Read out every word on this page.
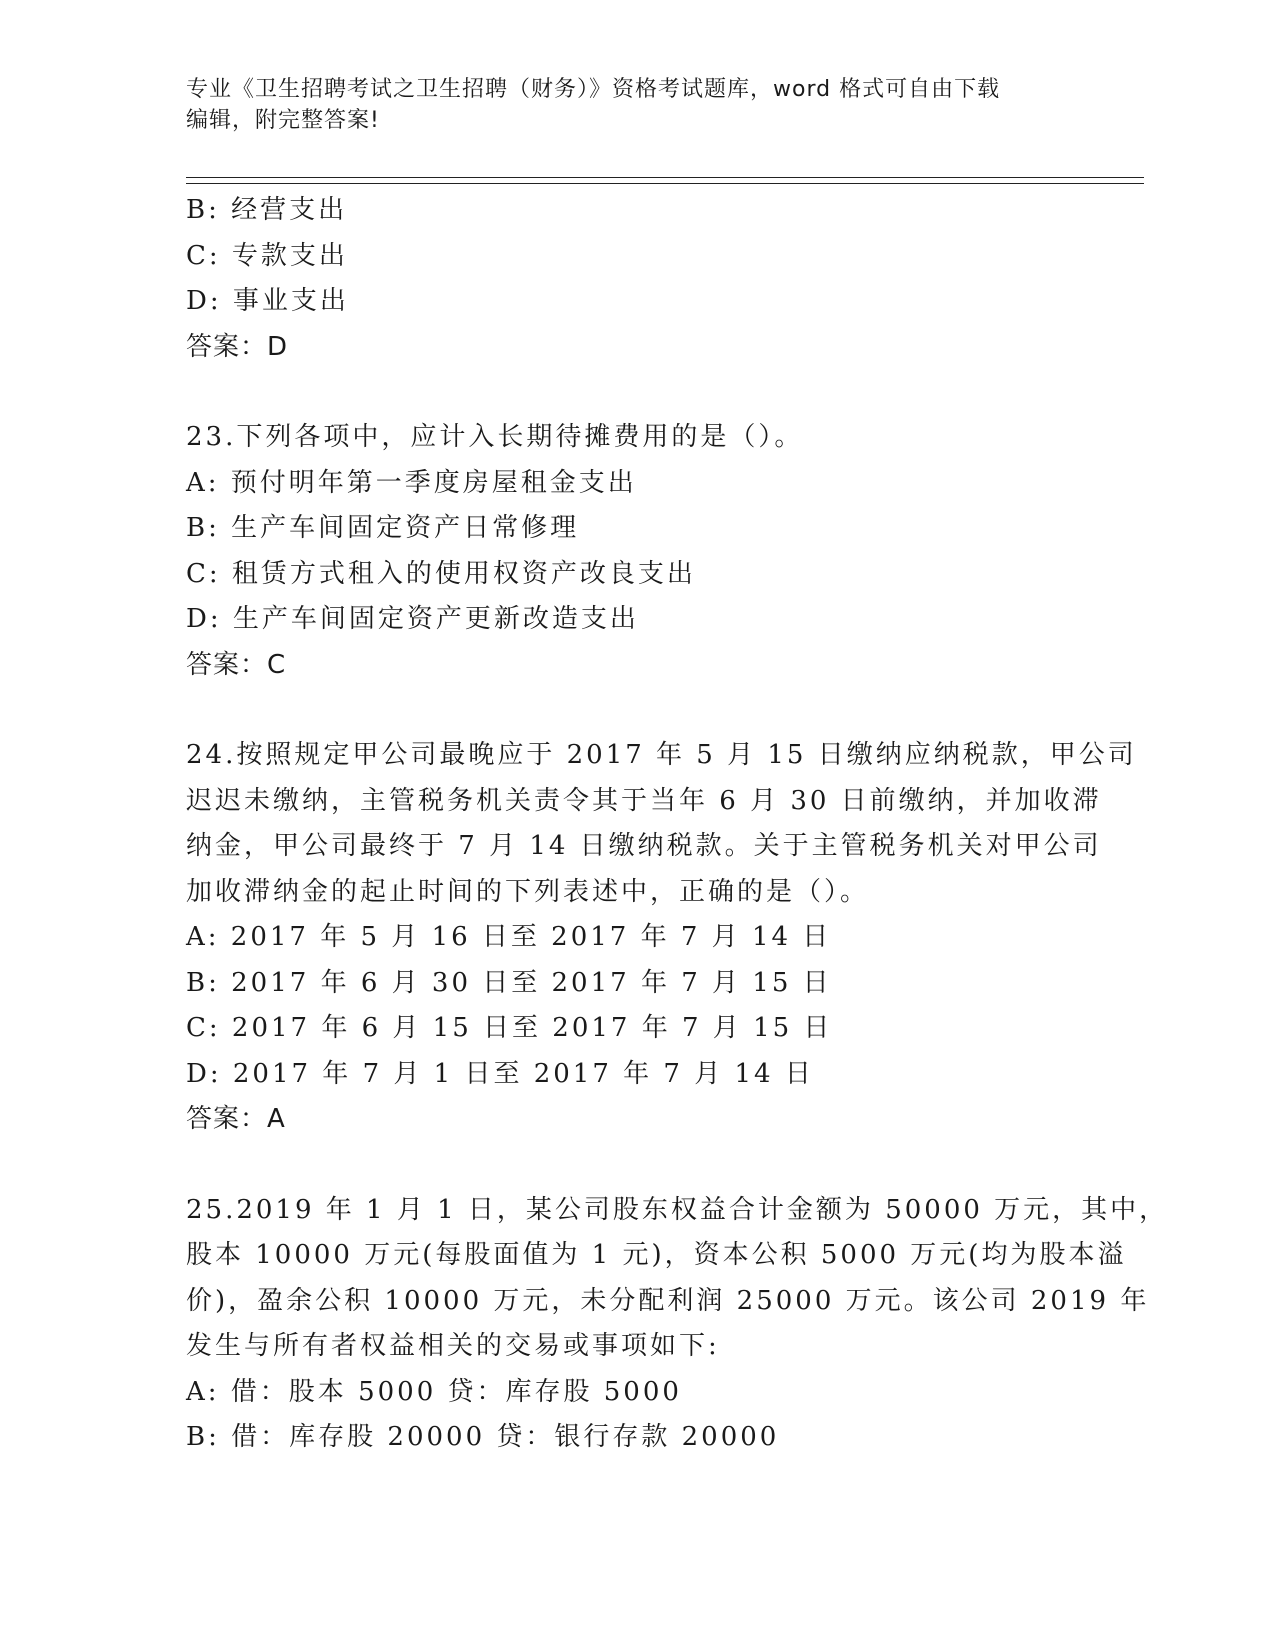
专业《卫生招聘考试之卫生招聘（财务）》资格考试题库，word 格式可自由下载
编辑，附完整答案!
B: 经营支出
C: 专款支出
D: 事业支出
答案：D
23.下列各项中，应计入长期待摊费用的是（）。
A: 预付明年第一季度房屋租金支出
B: 生产车间固定资产日常修理
C: 租赁方式租入的使用权资产改良支出
D: 生产车间固定资产更新改造支出
答案：C
24.按照规定甲公司最晚应于 2017 年 5 月 15 日缴纳应纳税款，甲公司
迟迟未缴纳，主管税务机关责令其于当年 6 月 30 日前缴纳，并加收滞
纳金，甲公司最终于 7 月 14 日缴纳税款。关于主管税务机关对甲公司
加收滞纳金的起止时间的下列表述中，正确的是（）。
A: 2017 年 5 月 16 日至 2017 年 7 月 14 日
B: 2017 年 6 月 30 日至 2017 年 7 月 15 日
C: 2017 年 6 月 15 日至 2017 年 7 月 15 日
D: 2017 年 7 月 1 日至 2017 年 7 月 14 日
答案：A
25.2019 年 1 月 1 日，某公司股东权益合计金额为 50000 万元，其中，
股本 10000 万元(每股面值为 1 元)，资本公积 5000 万元(均为股本溢
价)，盈余公积 10000 万元，未分配利润 25000 万元。该公司 2019 年
发生与所有者权益相关的交易或事项如下:
A: 借：股本 5000 贷：库存股 5000
B: 借：库存股 20000 贷：银行存款 20000
